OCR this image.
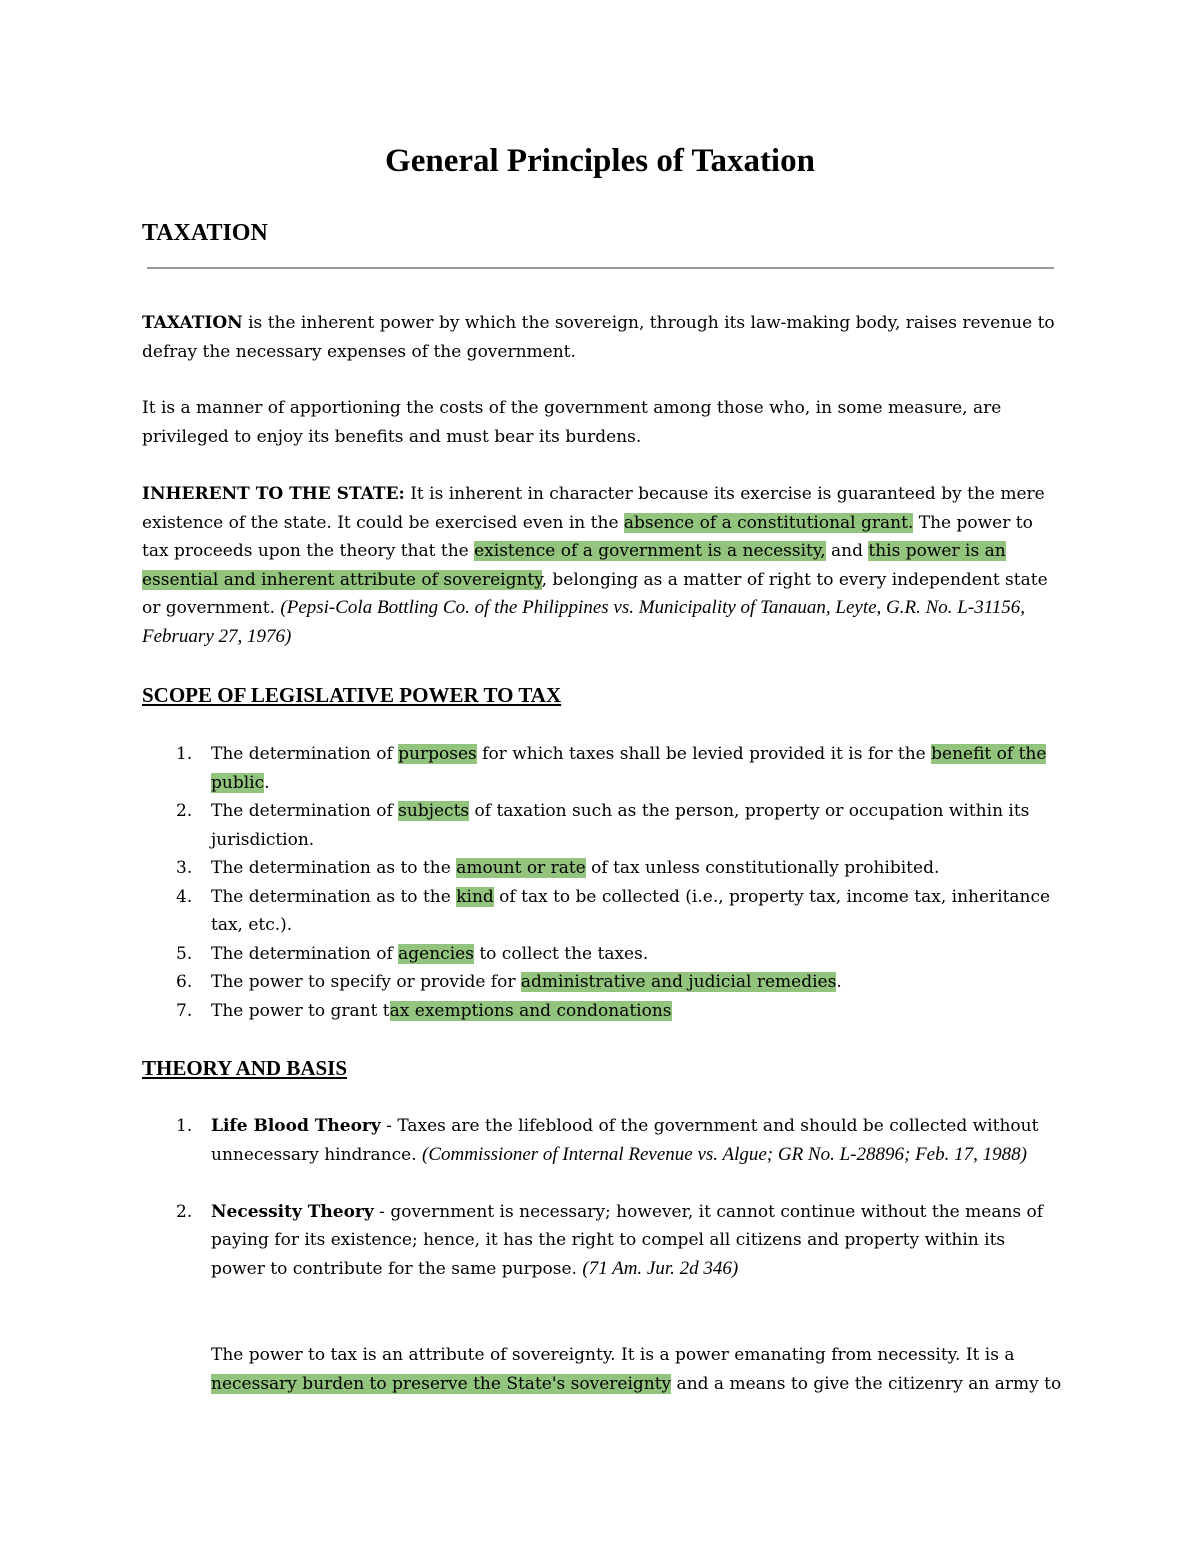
General Principles of Taxation
TAXATION

TAXATION is the inherent power by which the sovereign, through its law-making body, raises revenue to defray the necessary expenses of the government.

It is a manner of apportioning the costs of the government among those who, in some measure, are privileged to enjoy its benefits and must bear its burdens.

INHERENT TO THE STATE: It is inherent in character because its exercise is guaranteed by the mere existence of the state. It could be exercised even in the absence of a constitutional grant. The power to tax proceeds upon the theory that the existence of a government is a necessity, and this power is an essential and inherent attribute of sovereignty, belonging as a matter of right to every independent state or government. (Pepsi-Cola Bottling Co. of the Philippines vs. Municipality of Tanauan, Leyte, G.R. No. L-31156, February 27, 1976)

SCOPE OF LEGISLATIVE POWER TO TAX
1. The determination of purposes for which taxes shall be levied provided it is for the benefit of the public.
2. The determination of subjects of taxation such as the person, property or occupation within its jurisdiction.
3. The determination as to the amount or rate of tax unless constitutionally prohibited.
4. The determination as to the kind of tax to be collected (i.e., property tax, income tax, inheritance tax, etc.).
5. The determination of agencies to collect the taxes.
6. The power to specify or provide for administrative and judicial remedies.
7. The power to grant tax exemptions and condonations
THEORY AND BASIS
1. Life Blood Theory - Taxes are the lifeblood of the government and should be collected without unnecessary hindrance. (Commissioner of Internal Revenue vs. Algue; GR No. L-28896; Feb. 17, 1988)
2. Necessity Theory - government is necessary; however, it cannot continue without the means of paying for its existence; hence, it has the right to compel all citizens and property within its power to contribute for the same purpose. (71 Am. Jur. 2d 346)

The power to tax is an attribute of sovereignty. It is a power emanating from necessity. It is a necessary burden to preserve the State's sovereignty and a means to give the citizenry an army to
